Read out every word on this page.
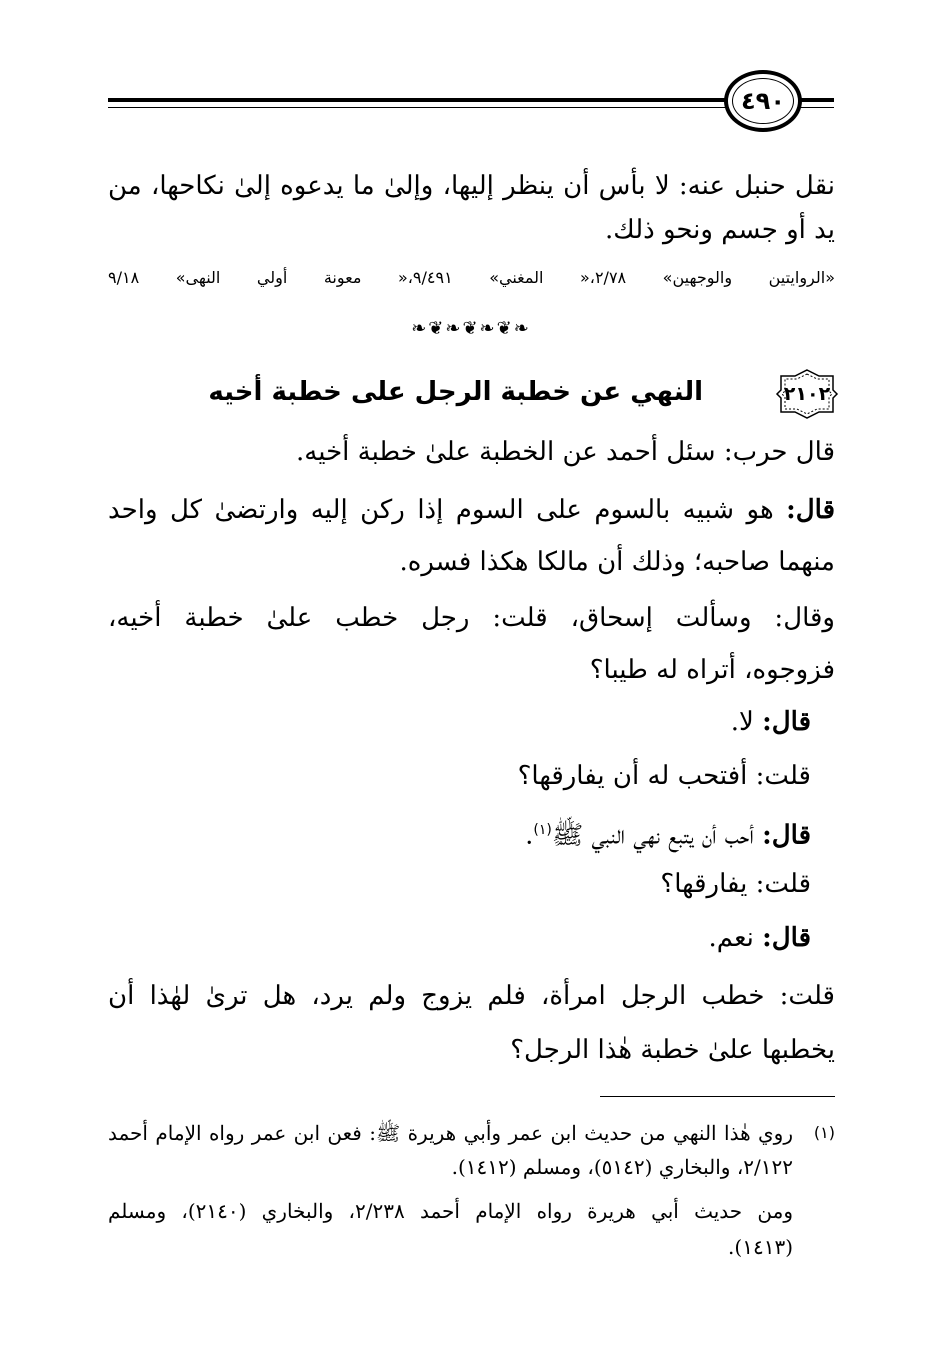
٤٩٠
نقل حنبل عنه: لا بأس أن ينظر إليها، وإلىٰ ما يدعوه إلىٰ نكاحها، من
يد أو جسم ونحو ذلك.
«الروايتين والوجهين» ٢/٧٨،« المغني» ٩/٤٩١،« معونة أولي النهى» ٩/١٨
❧❦❧❦❧❦❧
٢١٠٢
النهي عن خطبة الرجل على خطبة أخيه
قال حرب: سئل أحمد عن الخطبة علىٰ خطبة أخيه.
قال: هو شبيه بالسوم على السوم إذا ركن إليه وارتضىٰ كل واحد
منهما صاحبه؛ وذلك أن مالكا هكذا فسره.
وقال: وسألت إسحاق، قلت: رجل خطب علىٰ خطبة أخيه،
فزوجوه، أتراه له طيبا؟
قال: لا.
قلت: أفتحب له أن يفارقها؟
قال: أحب أن يتبع نهي النبي ﷺ$^{(١)}$.
قلت: يفارقها؟
قال: نعم.
قلت: خطب الرجل امرأة، فلم يزوج ولم يرد، هل ترىٰ لهٰذا أن
يخطبها علىٰ خطبة هٰذا الرجل؟
(١)
روي هٰذا النهي من حديث ابن عمر وأبي هريرة ﷺ: فعن ابن عمر رواه الإمام أحمد
٢/١٢٢، والبخاري (٥١٤٢)، ومسلم (١٤١٢).
ومن حديث أبي هريرة رواه الإمام أحمد ٢/٢٣٨، والبخاري (٢١٤٠)، ومسلم
(١٤١٣).
